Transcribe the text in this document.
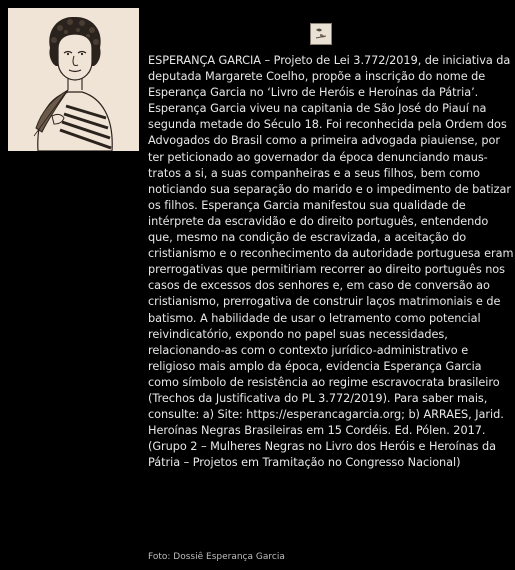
ESPERANÇA GARCIA – Projeto de Lei 3.772/2019, de iniciativa da deputada Margarete Coelho, propõe a inscrição do nome de Esperança Garcia no ‘Livro de Heróis e Heroínas da Pátria’. Esperança Garcia viveu na capitania de São José do Piauí na segunda metade do Século 18. Foi reconhecida pela Ordem dos Advogados do Brasil como a primeira advogada piauiense, por ter peticionado ao governador da época denunciando maus-tratos a si, a suas companheiras e a seus filhos, bem como noticiando sua separação do marido e o impedimento de batizar os filhos. Esperança Garcia manifestou sua qualidade de intérprete da escravidão e do direito português, entendendo que, mesmo na condição de escravizada, a aceitação do cristianismo e o reconhecimento da autoridade portuguesa eram prerrogativas que permitiriam recorrer ao direito português nos casos de excessos dos senhores e, em caso de conversão ao cristianismo, prerrogativa de construir laços matrimoniais e de batismo. A habilidade de usar o letramento como potencial reivindicatório, expondo no papel suas necessidades, relacionando-as com o contexto jurídico-administrativo e religioso mais amplo da época, evidencia Esperança Garcia como símbolo de resistência ao regime escravocrata brasileiro (Trechos da Justificativa do PL 3.772/2019). Para saber mais, consulte: a) Site: https://esperancagarcia.org; b) ARRAES, Jarid. Heroínas Negras Brasileiras em 15 Cordéis. Ed. Pólen. 2017. (Grupo 2 – Mulheres Negras no Livro dos Heróis e Heroínas da Pátria – Projetos em Tramitação no Congresso Nacional)

Foto: Dossiê Esperança Garcia
